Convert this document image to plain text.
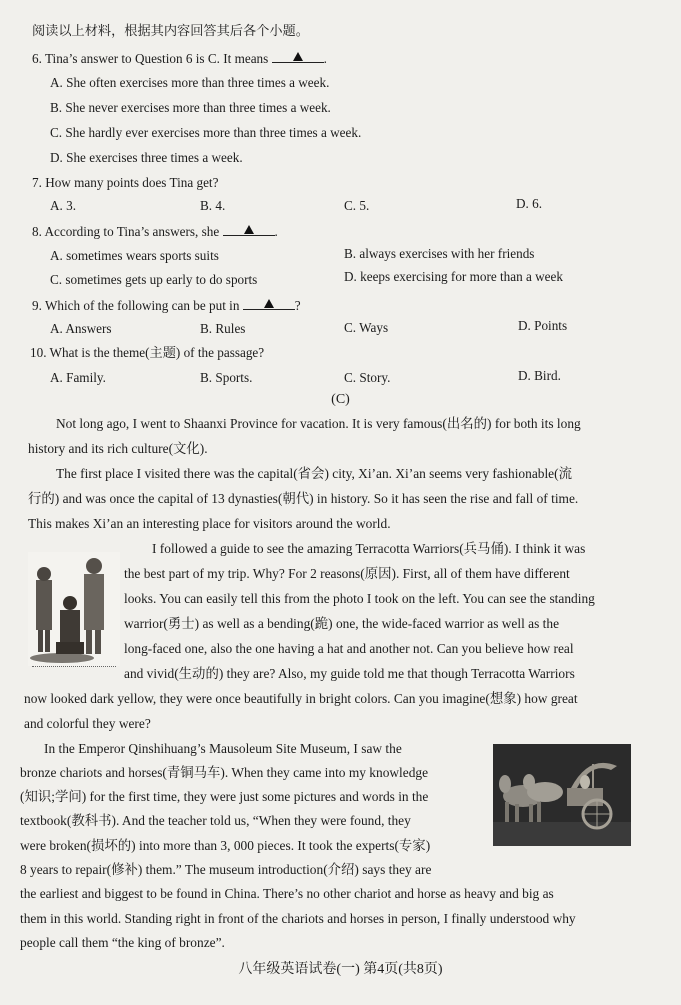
阅读以上材料，根据其内容回答其后各个小题。
6. Tina’s answer to Question 6 is C. It means	.
A. She often exercises more than three times a week.
B. She never exercises more than three times a week.
C. She hardly ever exercises more than three times a week.
D. She exercises three times a week.
7. How many points does Tina get?
A. 3.	B. 4.	C. 5.	D. 6.
8. According to Tina’s answers, she	.
A. sometimes wears sports suits	B. always exercises with her friends
C. sometimes gets up early to do sports	D. keeps exercising for more than a week
9. Which of the following can be put in	?
A. Answers	B. Rules	C. Ways	D. Points
10. What is the theme(主题) of the passage?
A. Family.	B. Sports.	C. Story.	D. Bird.
(C)
Not long ago, I went to Shaanxi Province for vacation. It is very famous(出名的) for both its long
history and its rich culture(文化).
The first place I visited there was the capital(省会) city, Xi’an. Xi’an seems very fashionable(流
行的) and was once the capital of 13 dynasties(朝代) in history. So it has seen the rise and fall of time.
This makes Xi’an an interesting place for visitors around the world.
I followed a guide to see the amazing Terracotta Warriors(兵马俑). I think it was
the best part of my trip. Why? For 2 reasons(原因). First, all of them have different
looks. You can easily tell this from the photo I took on the left. You can see the standing
warrior(勇士) as well as a bending(跪) one, the wide-faced warrior as well as the
long-faced one, also the one having a hat and another not. Can you believe how real
and vivid(生动的) they are? Also, my guide told me that though Terracotta Warriors
now looked dark yellow, they were once beautifully in bright colors. Can you imagine(想象) how great
and colorful they were?
In the Emperor Qinshihuang’s Mausoleum Site Museum, I saw the
bronze chariots and horses(青铜马车). When they came into my knowledge
(知识;学问) for the first time, they were just some pictures and words in the
textbook(教科书). And the teacher told us, “When they were found, they
were broken(损坏的) into more than 3, 000 pieces. It took the experts(专家)
8 years to repair(修补) them.” The museum introduction(介绍) says they are
the earliest and biggest to be found in China. There’s no other chariot and horse as heavy and big as
them in this world. Standing right in front of the chariots and horses in person, I finally understood why
people call them “the king of bronze”.
八年级英语试卷(一) 第4页(共8页)
